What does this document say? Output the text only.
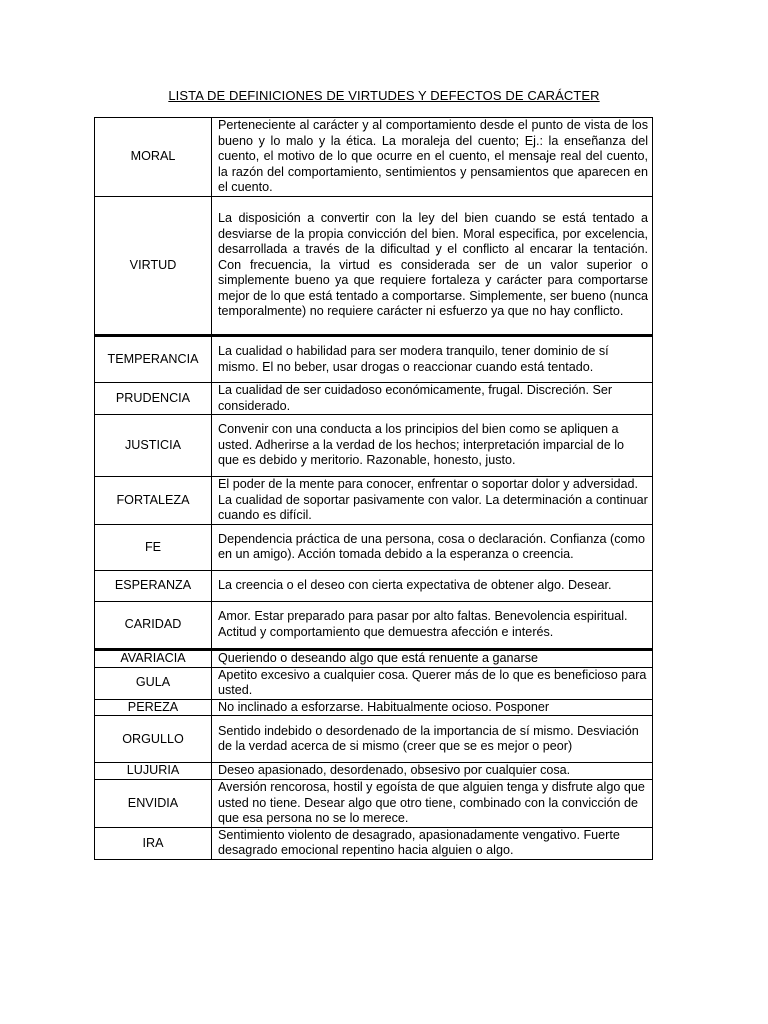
LISTA DE DEFINICIONES DE VIRTUDES Y DEFECTOS DE CARÁCTER
MORAL	Perteneciente al carácter y al comportamiento desde el punto de vista de los bueno y lo malo y la ética. La moraleja del cuento; Ej.: la enseñanza del cuento, el motivo de lo que ocurre en el cuento, el mensaje real del cuento, la razón del comportamiento, sentimientos y pensamientos que aparecen en el cuento.
VIRTUD	La disposición a convertir con la ley del bien cuando se está tentado a desviarse de la propia convicción del bien. Moral especifica, por excelencia, desarrollada a través de la dificultad y el conflicto al encarar la tentación. Con frecuencia, la virtud es considerada ser de un valor superior o simplemente bueno ya que requiere fortaleza y carácter para comportarse mejor de lo que está tentado a comportarse. Simplemente, ser bueno (nunca temporalmente) no requiere carácter ni esfuerzo ya que no hay conflicto.
TEMPERANCIA	La cualidad o habilidad para ser modera tranquilo, tener dominio de sí mismo. El no beber, usar drogas o reaccionar cuando está tentado.
PRUDENCIA	La cualidad de ser cuidadoso económicamente, frugal. Discreción. Ser considerado.
JUSTICIA	Convenir con una conducta a los principios del bien como se apliquen a usted. Adherirse a la verdad de los hechos; interpretación imparcial de lo que es debido y meritorio. Razonable, honesto, justo.
FORTALEZA	El poder de la mente para conocer, enfrentar o soportar dolor y adversidad. La cualidad de soportar pasivamente con valor. La determinación a continuar cuando es difícil.
FE	Dependencia práctica de una persona, cosa o declaración. Confianza (como en un amigo). Acción tomada debido a la esperanza o creencia.
ESPERANZA	La creencia o el deseo con cierta expectativa de obtener algo. Desear.
CARIDAD	Amor. Estar preparado para pasar por alto faltas. Benevolencia espiritual. Actitud y comportamiento que demuestra afección e interés.
AVARIACIA	Queriendo o deseando algo que está renuente a ganarse
GULA	Apetito excesivo a cualquier cosa. Querer más de lo que es beneficioso para usted.
PEREZA	No inclinado a esforzarse. Habitualmente ocioso. Posponer
ORGULLO	Sentido indebido o desordenado de la importancia de sí mismo. Desviación de la verdad acerca de si mismo (creer que se es mejor o peor)
LUJURIA	Deseo apasionado, desordenado, obsesivo por cualquier cosa.
ENVIDIA	Aversión rencorosa, hostil y egoísta de que alguien tenga y disfrute algo que usted no tiene. Desear algo que otro tiene, combinado con la convicción de que esa persona no se lo merece.
IRA	Sentimiento violento de desagrado, apasionadamente vengativo. Fuerte desagrado emocional repentino hacia alguien o algo.
